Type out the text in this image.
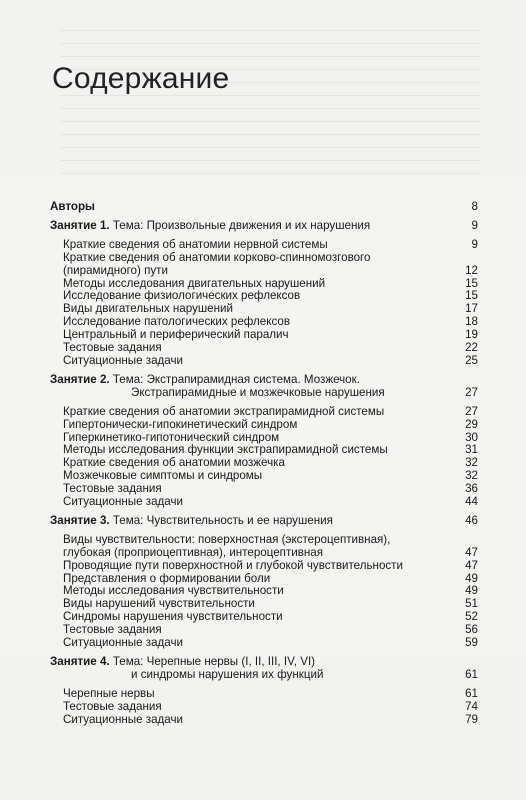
Содержание
Авторы	8
Занятие 1. Тема: Произвольные движения и их нарушения	9
Краткие сведения об анатомии нервной системы	9
Краткие сведения об анатомии корково-спинномозгового (пирамидного) пути	12
Методы исследования двигательных нарушений	15
Исследование физиологических рефлексов	15
Виды двигательных нарушений	17
Исследование патологических рефлексов	18
Центральный и периферический паралич	19
Тестовые задания	22
Ситуационные задачи	25
Занятие 2. Тема: Экстрапирамидная система. Мозжечок.
Экстрапирамидные и мозжечковые нарушения	27
Краткие сведения об анатомии экстрапирамидной системы	27
Гипертонически-гипокинетический синдром	29
Гиперкинетико-гипотонический синдром	30
Методы исследования функции экстрапирамидной системы	31
Краткие сведения об анатомии мозжечка	32
Мозжечковые симптомы и синдромы	32
Тестовые задания	36
Ситуационные задачи	44
Занятие 3. Тема: Чувствительность и ее нарушения	46
Виды чувствительности: поверхностная (экстероцептивная), глубокая (проприоцептивная), интероцептивная	47
Проводящие пути поверхностной и глубокой чувствительности	47
Представления о формировании боли	49
Методы исследования чувствительности	49
Виды нарушений чувствительности	51
Синдромы нарушения чувствительности	52
Тестовые задания	56
Ситуационные задачи	59
Занятие 4. Тема: Черепные нервы (I, II, III, IV, VI)
и синдромы нарушения их функций	61
Черепные нервы	61
Тестовые задания	74
Ситуационные задачи	79
